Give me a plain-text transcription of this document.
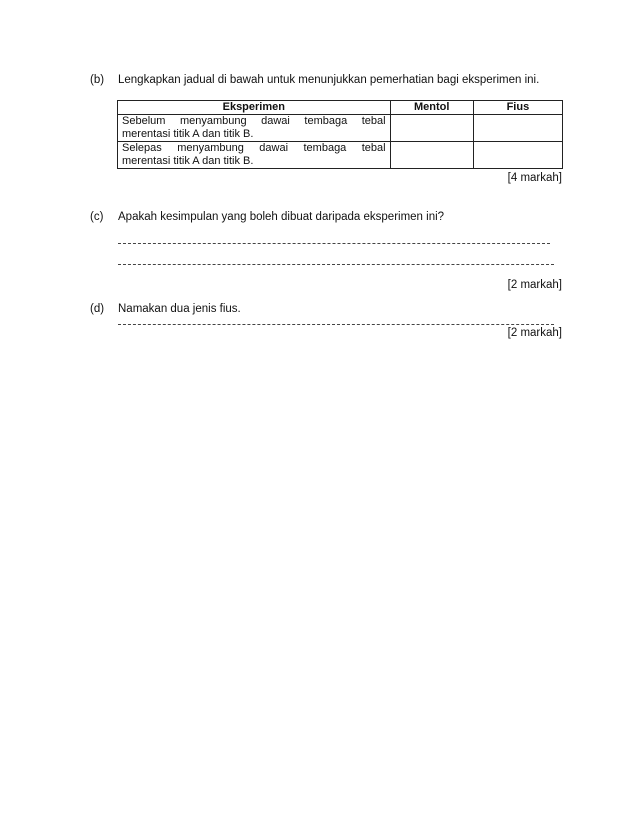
(b) Lengkapkan jadual di bawah untuk menunjukkan pemerhatian bagi eksperimen ini.
Eksperimen	Mentol	Fius
Sebelum menyambung dawai tembaga tebal merentasi titik A dan titik B.		
Selepas menyambung dawai tembaga tebal merentasi titik A dan titik B.		
[4 markah]
(c) Apakah kesimpulan yang boleh dibuat daripada eksperimen ini?
[2 markah]
(d) Namakan dua jenis fius.
[2 markah]
